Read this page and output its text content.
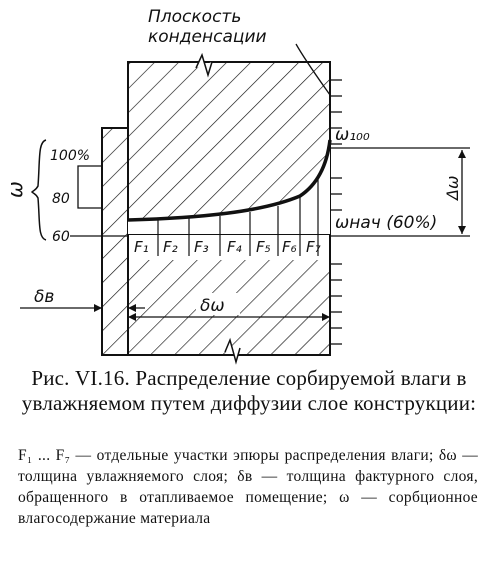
F₁ F₂ F₃ F₄ F₅ F₆ F₇
Плоскость
конденсации
ω₁₀₀
ωнач (60%)
Δω
ω
100%
80
60
δв	δω
Рис. VI.16. Распределение сорбируемой влаги в увлажняемом путем диффузии слое конструкции:
F₁ ... F₇ — отдельные участки эпюры распределения влаги; δω — толщина увлажняемого слоя; δв — толщина фактурного слоя, обращенного в отапливаемое помещение; ω — сорбционное влагосодержание материала
